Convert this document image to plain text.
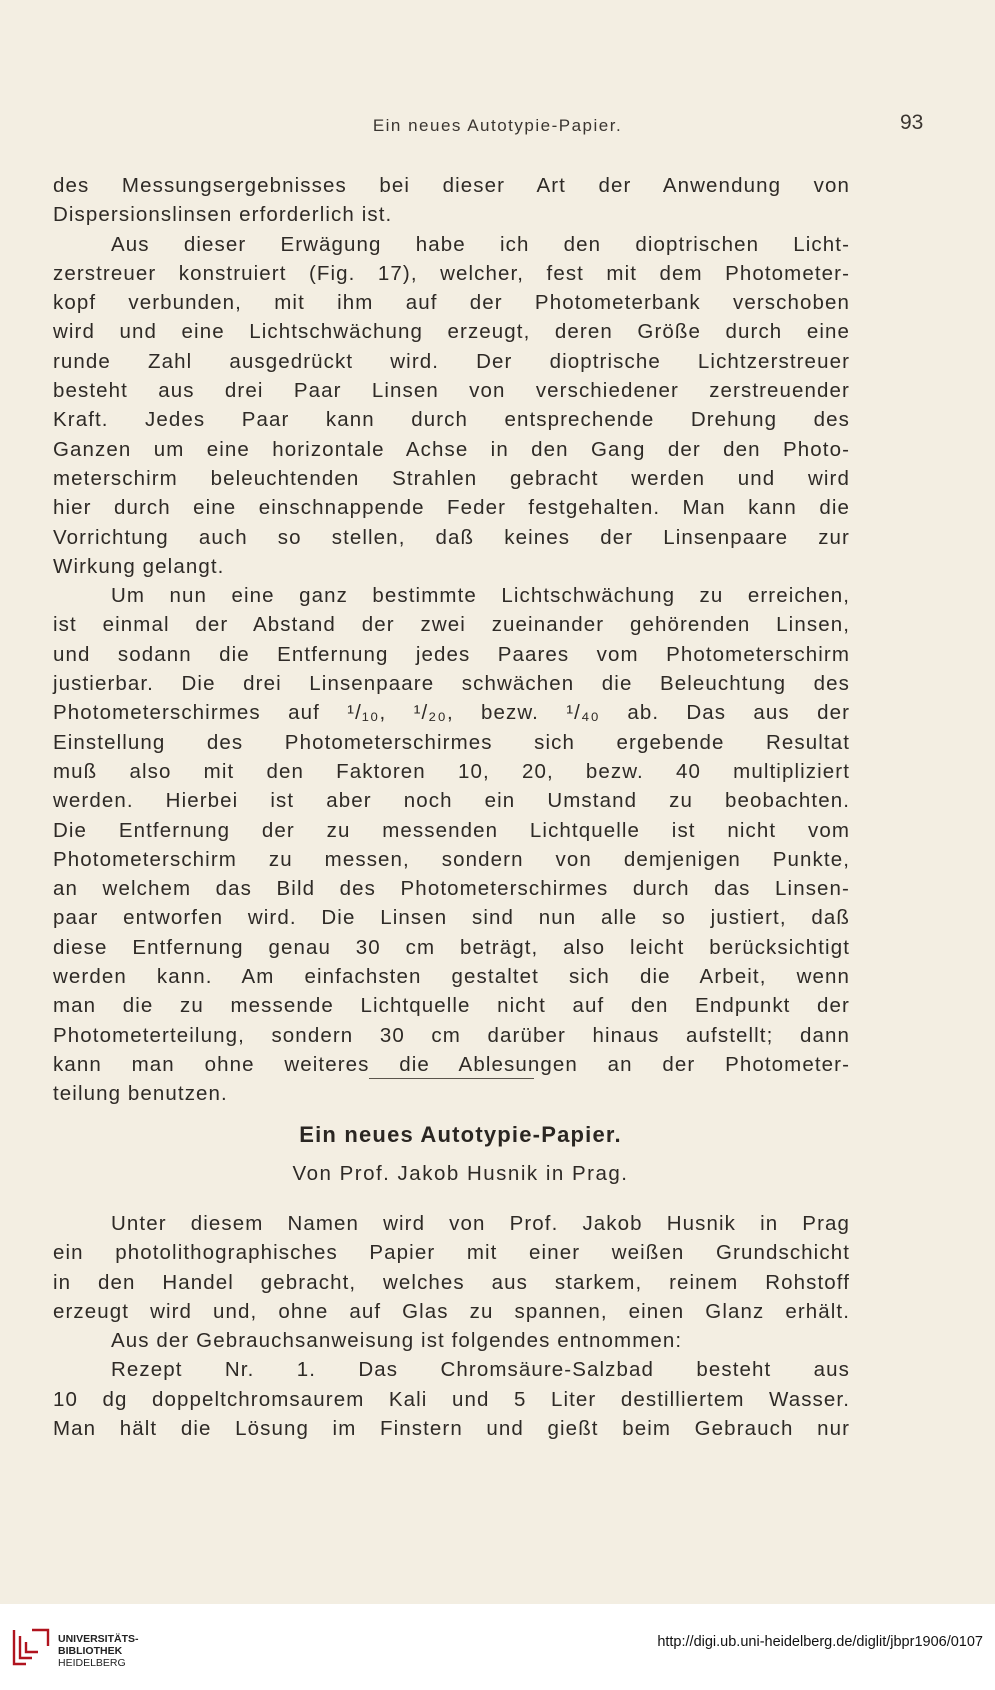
Ein neues Autotypie-Papier.	93
des Messungsergebnisses bei dieser Art der Anwendung von
Dispersionslinsen erforderlich ist.
Aus dieser Erwägung habe ich den dioptrischen Licht-
zerstreuer konstruiert (Fig. 17), welcher, fest mit dem Photometer-
kopf verbunden, mit ihm auf der Photometerbank verschoben
wird und eine Lichtschwächung erzeugt, deren Größe durch eine
runde Zahl ausgedrückt wird. Der dioptrische Lichtzerstreuer
besteht aus drei Paar Linsen von verschiedener zerstreuender
Kraft. Jedes Paar kann durch entsprechende Drehung des
Ganzen um eine horizontale Achse in den Gang der den Photo-
meterschirm beleuchtenden Strahlen gebracht werden und wird
hier durch eine einschnappende Feder festgehalten. Man kann die
Vorrichtung auch so stellen, daß keines der Linsenpaare zur
Wirkung gelangt.
Um nun eine ganz bestimmte Lichtschwächung zu erreichen,
ist einmal der Abstand der zwei zueinander gehörenden Linsen,
und sodann die Entfernung jedes Paares vom Photometerschirm
justierbar. Die drei Linsenpaare schwächen die Beleuchtung des
Photometerschirmes auf ¹/₁₀, ¹/₂₀, bezw. ¹/₄₀ ab. Das aus der
Einstellung des Photometerschirmes sich ergebende Resultat
muß also mit den Faktoren 10, 20, bezw. 40 multipliziert
werden. Hierbei ist aber noch ein Umstand zu beobachten.
Die Entfernung der zu messenden Lichtquelle ist nicht vom
Photometerschirm zu messen, sondern von demjenigen Punkte,
an welchem das Bild des Photometerschirmes durch das Linsen-
paar entworfen wird. Die Linsen sind nun alle so justiert, daß
diese Entfernung genau 30 cm beträgt, also leicht berücksichtigt
werden kann. Am einfachsten gestaltet sich die Arbeit, wenn
man die zu messende Lichtquelle nicht auf den Endpunkt der
Photometerteilung, sondern 30 cm darüber hinaus aufstellt; dann
kann man ohne weiteres die Ablesungen an der Photometer-
teilung benutzen.
Ein neues Autotypie-Papier.
Von Prof. Jakob Husnik in Prag.
Unter diesem Namen wird von Prof. Jakob Husnik in Prag
ein photolithographisches Papier mit einer weißen Grundschicht
in den Handel gebracht, welches aus starkem, reinem Rohstoff
erzeugt wird und, ohne auf Glas zu spannen, einen Glanz erhält.
Aus der Gebrauchsanweisung ist folgendes entnommen:
Rezept Nr. 1. Das Chromsäure-Salzbad besteht aus
10 dg doppeltchromsaurem Kali und 5 Liter destilliertem Wasser.
Man hält die Lösung im Finstern und gießt beim Gebrauch nur
UNIVERSITÄTS-
BIBLIOTHEK
HEIDELBERG
http://digi.ub.uni-heidelberg.de/diglit/jbpr1906/0107
